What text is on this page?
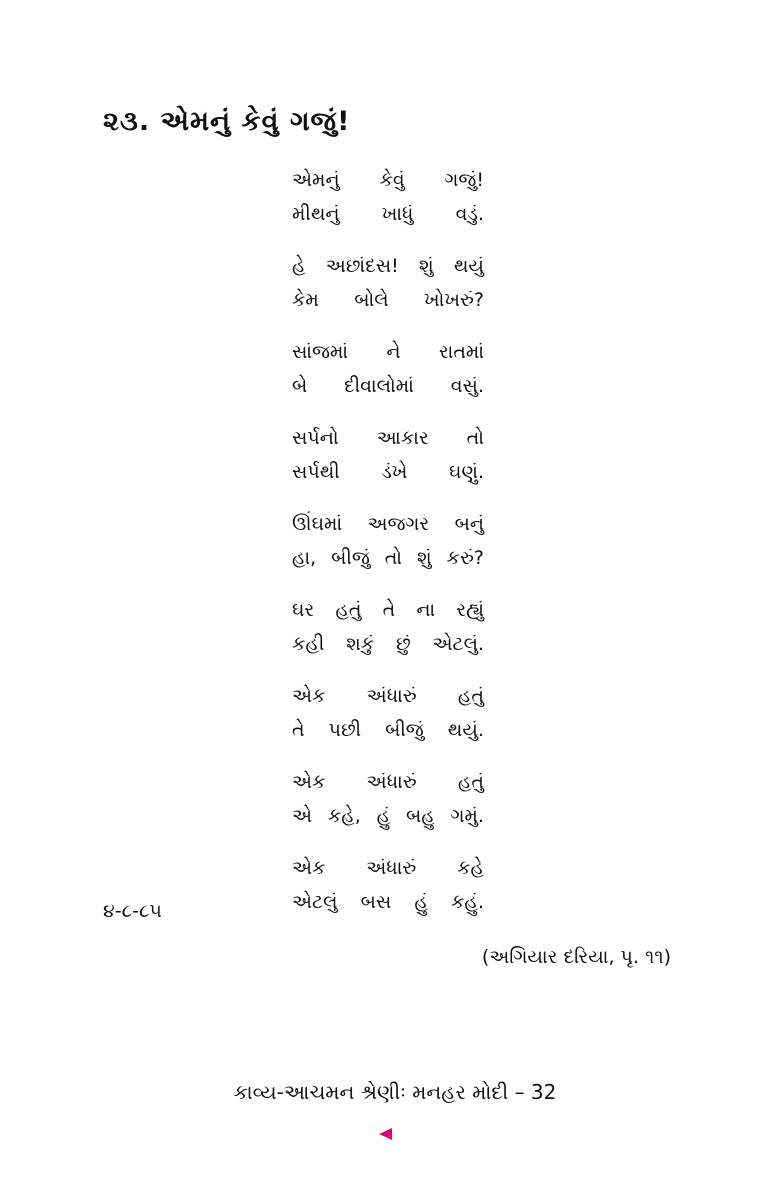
૨૩. એમનું કેવું ગજું!
એમનું કેવું ગજું!
મીથનું ખાધું વડું.
હે અછાંદસ! શું થયું
કેમ બોલે ખોખરું?
સાંજમાં ને રાતમાં
બે દીવાલોમાં વસું.
સર્પનો આકાર તો
સર્પથી ડંખે ઘણું.
ઊંઘમાં અજગર બનું
હા, બીજું તો શું કરું?
ઘર હતું તે ના રહ્યું
કહી શકું છું એટલું.
એક અંધારું હતું
તે પછી બીજું થયું.
એક અંધારું હતું
એ કહે, હું બહુ ગમું.
એક અંધારું કહે
એટલું બસ હું કહું.
૪-૮-૮૫
(અગિયાર દરિયા, પૃ. ૧૧)
કાવ્ય-આચમન શ્રેણીઃ મનહર મોદી – 32
